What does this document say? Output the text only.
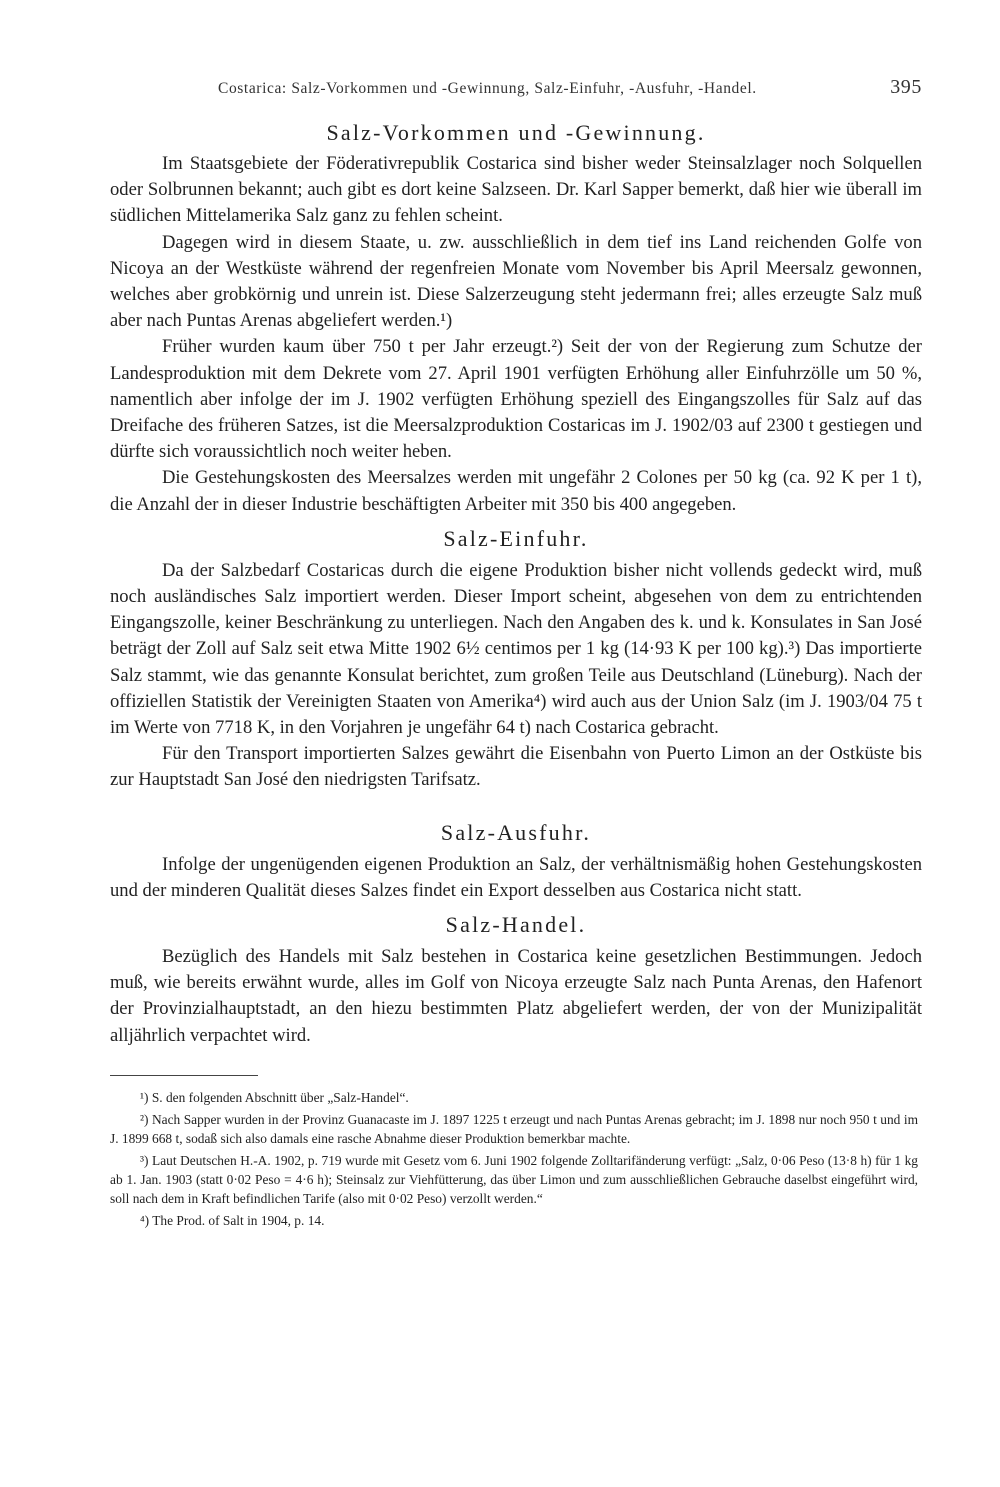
Costarica: Salz-Vorkommen und -Gewinnung, Salz-Einfuhr, -Ausfuhr, -Handel.	395
Salz-Vorkommen und -Gewinnung.

Im Staatsgebiete der Föderativrepublik Costarica sind bisher weder Steinsalzlager noch Solquellen oder Solbrunnen bekannt; auch gibt es dort keine Salzseen. Dr. Karl Sapper bemerkt, daß hier wie überall im südlichen Mittelamerika Salz ganz zu fehlen scheint.

Dagegen wird in diesem Staate, u. zw. ausschließlich in dem tief ins Land reichenden Golfe von Nicoya an der Westküste während der regenfreien Monate vom November bis April Meersalz gewonnen, welches aber grobkörnig und unrein ist. Diese Salzerzeugung steht jedermann frei; alles erzeugte Salz muß aber nach Puntas Arenas abgeliefert werden.¹)

Früher wurden kaum über 750 t per Jahr erzeugt.²) Seit der von der Regierung zum Schutze der Landesproduktion mit dem Dekrete vom 27. April 1901 verfügten Erhöhung aller Einfuhrzölle um 50 %, namentlich aber infolge der im J. 1902 verfügten Erhöhung speziell des Eingangszolles für Salz auf das Dreifache des früheren Satzes, ist die Meersalzproduktion Costaricas im J. 1902/03 auf 2300 t gestiegen und dürfte sich voraussichtlich noch weiter heben.

Die Gestehungskosten des Meersalzes werden mit ungefähr 2 Colones per 50 kg (ca. 92 K per 1 t), die Anzahl der in dieser Industrie beschäftigten Arbeiter mit 350 bis 400 angegeben.

Salz-Einfuhr.

Da der Salzbedarf Costaricas durch die eigene Produktion bisher nicht vollends gedeckt wird, muß noch ausländisches Salz importiert werden. Dieser Import scheint, abgesehen von dem zu entrichtenden Eingangszolle, keiner Beschränkung zu unterliegen. Nach den Angaben des k. und k. Konsulates in San José beträgt der Zoll auf Salz seit etwa Mitte 1902 6½ centimos per 1 kg (14·93 K per 100 kg).³) Das importierte Salz stammt, wie das genannte Konsulat berichtet, zum großen Teile aus Deutschland (Lüneburg). Nach der offiziellen Statistik der Vereinigten Staaten von Amerika⁴) wird auch aus der Union Salz (im J. 1903/04 75 t im Werte von 7718 K, in den Vorjahren je ungefähr 64 t) nach Costarica gebracht.

Für den Transport importierten Salzes gewährt die Eisenbahn von Puerto Limon an der Ostküste bis zur Hauptstadt San José den niedrigsten Tarifsatz.

Salz-Ausfuhr.

Infolge der ungenügenden eigenen Produktion an Salz, der verhältnismäßig hohen Gestehungskosten und der minderen Qualität dieses Salzes findet ein Export desselben aus Costarica nicht statt.

Salz-Handel.

Bezüglich des Handels mit Salz bestehen in Costarica keine gesetzlichen Bestimmungen. Jedoch muß, wie bereits erwähnt wurde, alles im Golf von Nicoya erzeugte Salz nach Punta Arenas, den Hafenort der Provinzialhauptstadt, an den hiezu bestimmten Platz abgeliefert werden, der von der Munizipalität alljährlich verpachtet wird.

¹) S. den folgenden Abschnitt über „Salz-Handel“.

²) Nach Sapper wurden in der Provinz Guanacaste im J. 1897 1225 t erzeugt und nach Puntas Arenas gebracht; im J. 1898 nur noch 950 t und im J. 1899 668 t, sodaß sich also damals eine rasche Abnahme dieser Produktion bemerkbar machte.

³) Laut Deutschen H.-A. 1902, p. 719 wurde mit Gesetz vom 6. Juni 1902 folgende Zolltarifänderung verfügt: „Salz, 0·06 Peso (13·8 h) für 1 kg ab 1. Jan. 1903 (statt 0·02 Peso = 4·6 h); Steinsalz zur Viehfütterung, das über Limon und zum ausschließlichen Gebrauche daselbst eingeführt wird, soll nach dem in Kraft befindlichen Tarife (also mit 0·02 Peso) verzollt werden.“

⁴) The Prod. of Salt in 1904, p. 14.
